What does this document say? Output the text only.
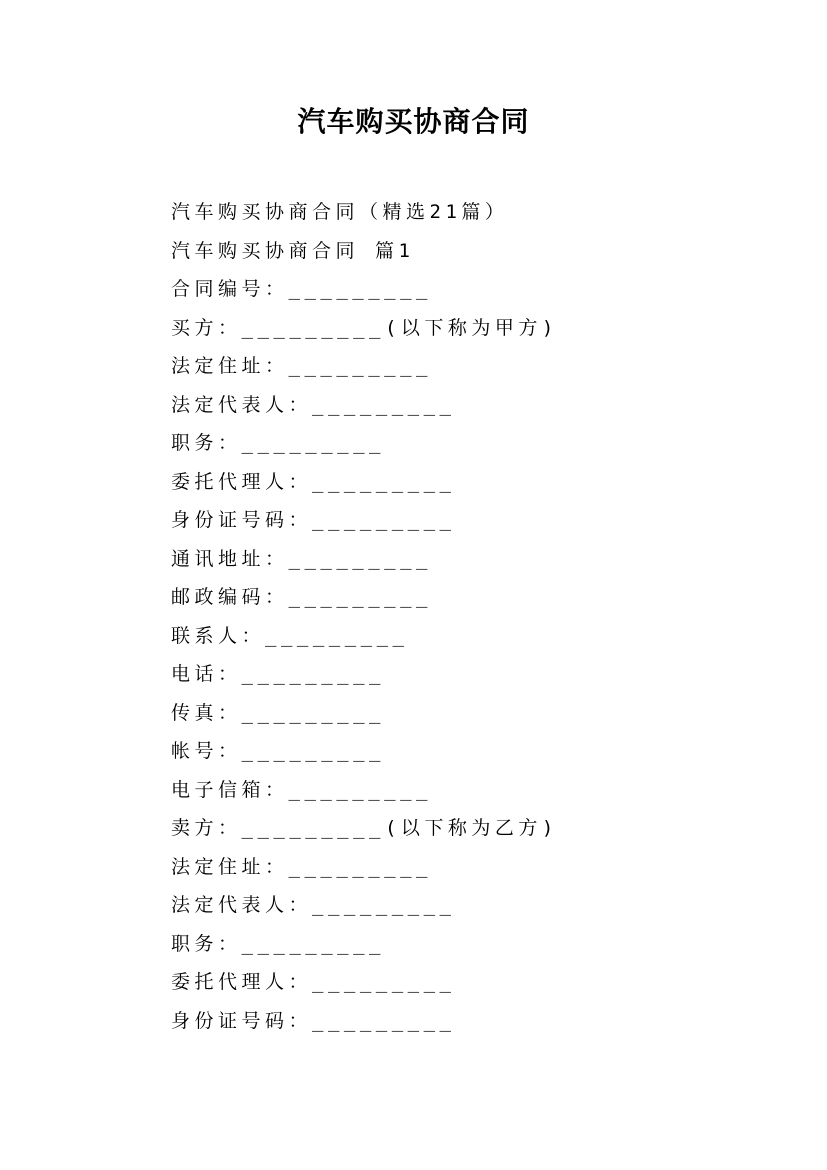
汽车购买协商合同
汽车购买协商合同（精选21篇）
汽车购买协商合同 篇1
合同编号：_________
买方：_________(以下称为甲方)
法定住址：_________
法定代表人：_________
职务：_________
委托代理人：_________
身份证号码：_________
通讯地址：_________
邮政编码：_________
联系人：_________
电话：_________
传真：_________
帐号：_________
电子信箱：_________
卖方：_________(以下称为乙方)
法定住址：_________
法定代表人：_________
职务：_________
委托代理人：_________
身份证号码：_________
